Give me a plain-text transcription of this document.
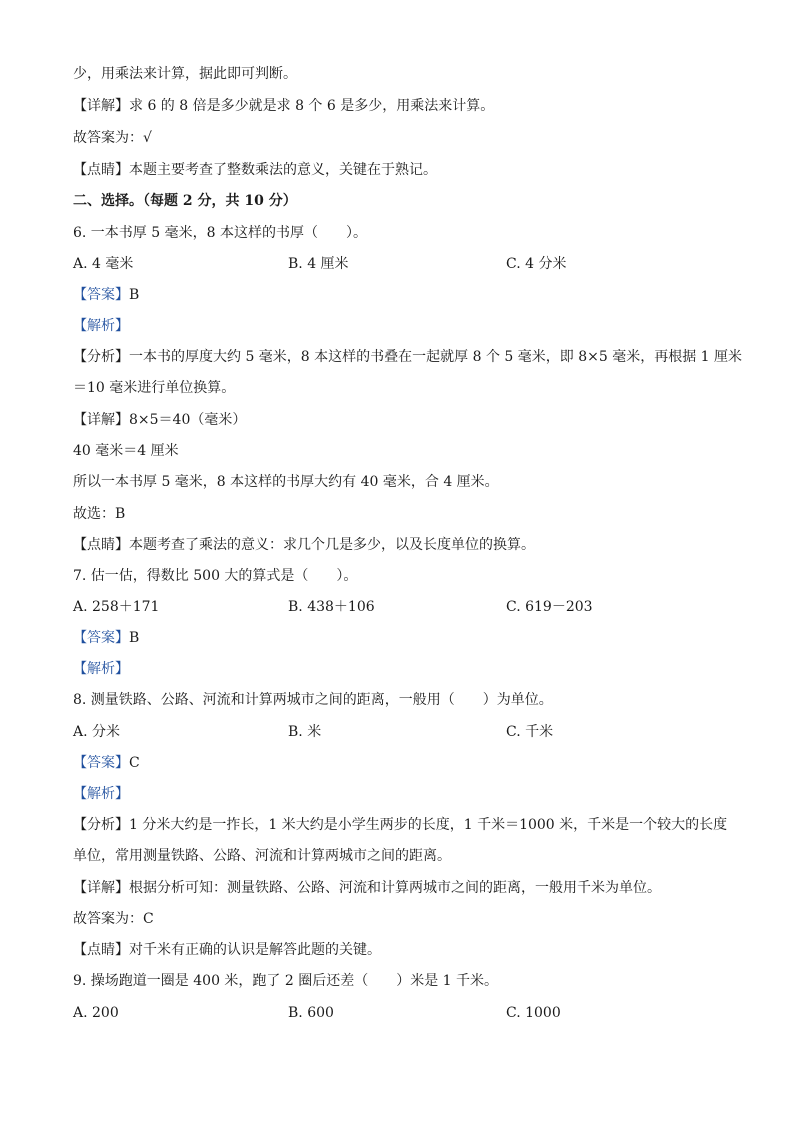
少，用乘法来计算，据此即可判断。
【详解】求 6 的 8 倍是多少就是求 8 个 6 是多少，用乘法来计算。
故答案为：√
【点睛】本题主要考查了整数乘法的意义，关键在于熟记。
二、选择。（每题 2 分，共 10 分）
6. 一本书厚 5 毫米，8 本这样的书厚（　　）。
A. 4 毫米	B. 4 厘米	C. 4 分米
【答案】B
【解析】
【分析】一本书的厚度大约 5 毫米，8 本这样的书叠在一起就厚 8 个 5 毫米，即 8×5 毫米，再根据 1 厘米
＝10 毫米进行单位换算。
【详解】8×5＝40（毫米）
40 毫米＝4 厘米
所以一本书厚 5 毫米，8 本这样的书厚大约有 40 毫米，合 4 厘米。
故选：B
【点睛】本题考查了乘法的意义：求几个几是多少，以及长度单位的换算。
7. 估一估，得数比 500 大的算式是（　　）。
A. 258＋171	B. 438＋106	C. 619－203
【答案】B
【解析】
8. 测量铁路、公路、河流和计算两城市之间的距离，一般用（　　）为单位。
A. 分米	B. 米	C. 千米
【答案】C
【解析】
【分析】1 分米大约是一拃长，1 米大约是小学生两步的长度，1 千米＝1000 米，千米是一个较大的长度
单位，常用测量铁路、公路、河流和计算两城市之间的距离。
【详解】根据分析可知：测量铁路、公路、河流和计算两城市之间的距离，一般用千米为单位。
故答案为：C
【点睛】对千米有正确的认识是解答此题的关键。
9. 操场跑道一圈是 400 米，跑了 2 圈后还差（　　）米是 1 千米。
A. 200	B. 600	C. 1000
